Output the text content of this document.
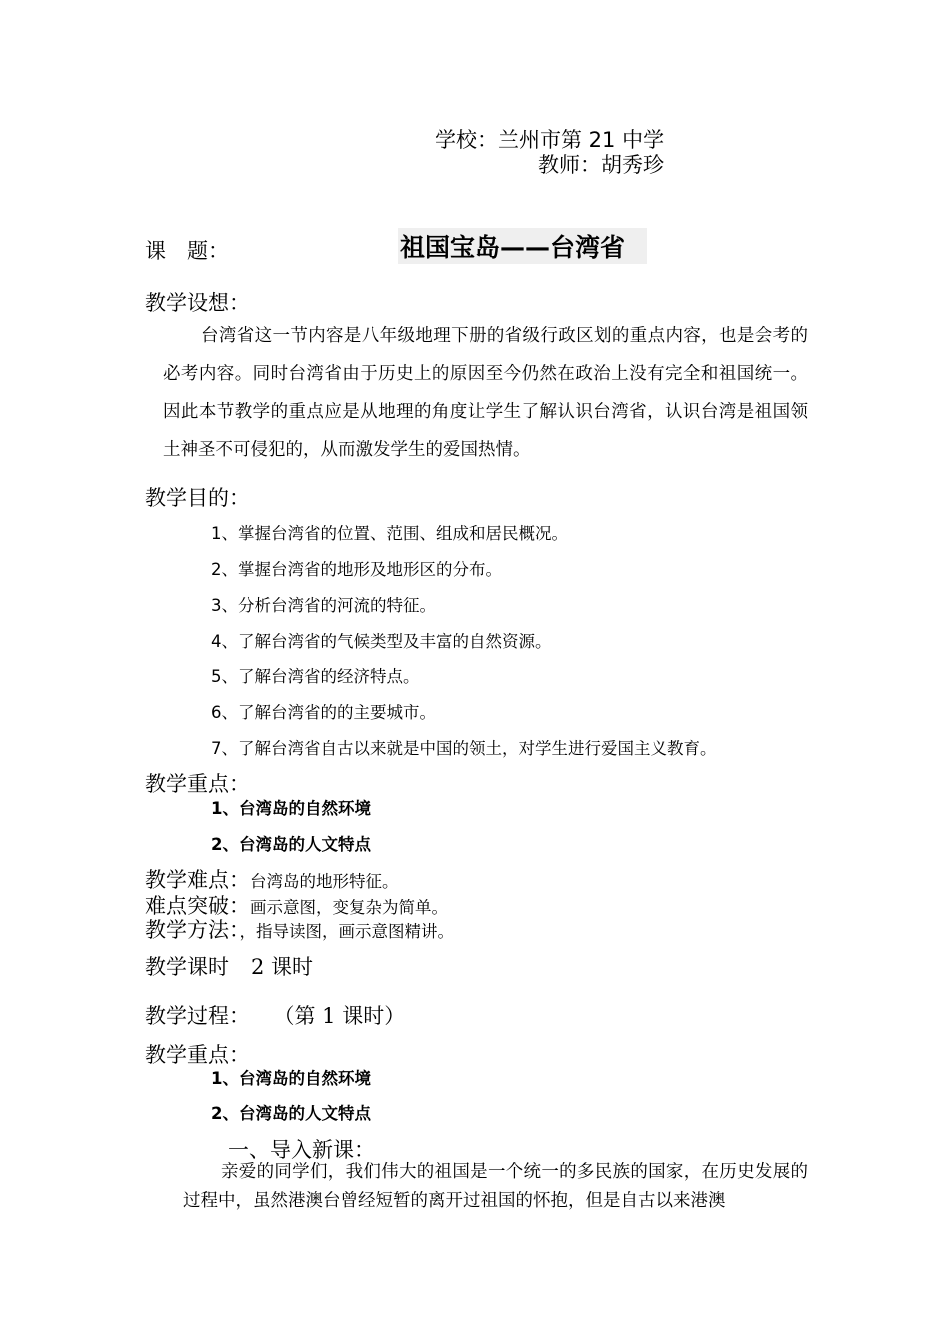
学校：兰州市第 21 中学
教师：胡秀珍
课　题：	祖国宝岛——台湾省
教学设想：
台湾省这一节内容是八年级地理下册的省级行政区划的重点内容，也是会考的必考内容。同时台湾省由于历史上的原因至今仍然在政治上没有完全和祖国统一。因此本节教学的重点应是从地理的角度让学生了解认识台湾省，认识台湾是祖国领土神圣不可侵犯的，从而激发学生的爱国热情。
教学目的：
1、掌握台湾省的位置、范围、组成和居民概况。
2、掌握台湾省的地形及地形区的分布。
3、分析台湾省的河流的特征。
4、了解台湾省的气候类型及丰富的自然资源。
5、了解台湾省的经济特点。
6、了解台湾省的的主要城市。
7、了解台湾省自古以来就是中国的领土，对学生进行爱国主义教育。
教学重点：
1、台湾岛的自然环境
2、台湾岛的人文特点
教学难点：台湾岛的地形特征。
难点突破：画示意图，变复杂为简单。
教学方法：，指导读图，画示意图精讲。
教学课时 2 课时
教学过程： （第 1 课时）
教学重点：
1、台湾岛的自然环境
2、台湾岛的人文特点
一、导入新课：
亲爱的同学们，我们伟大的祖国是一个统一的多民族的国家，在历史发展的过程中，虽然港澳台曾经短暂的离开过祖国的怀抱，但是自古以来港澳
